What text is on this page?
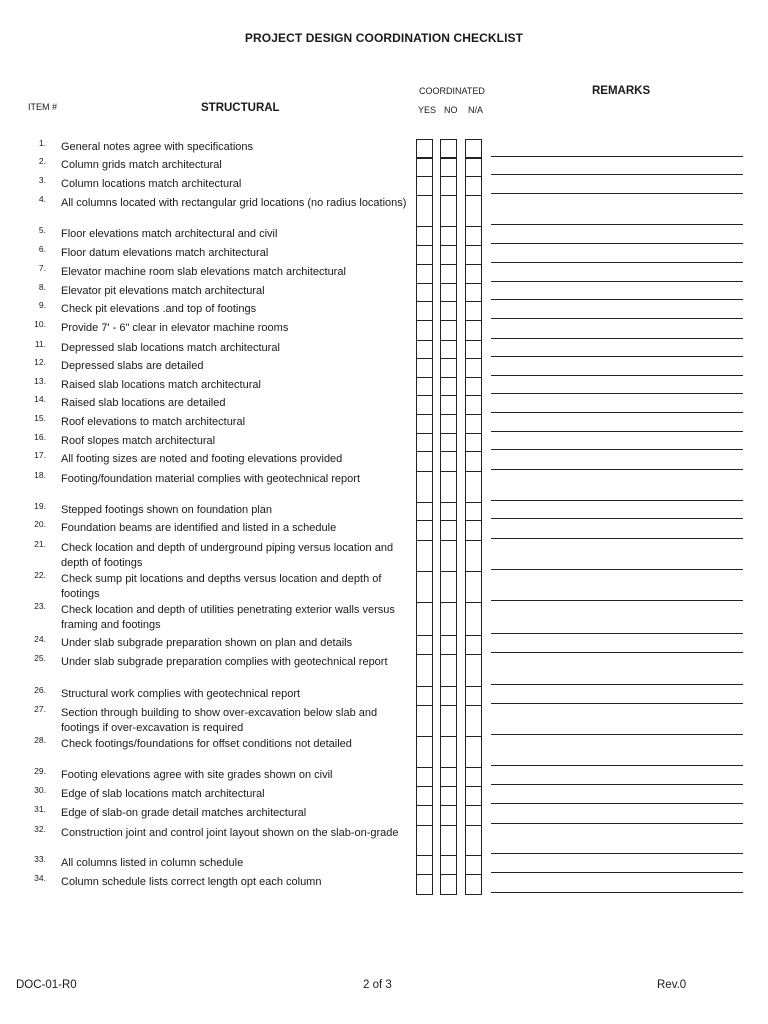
PROJECT DESIGN COORDINATION CHECKLIST
COORDINATED	REMARKS
ITEM #	STRUCTURAL	YES NO N/A
1. General notes agree with specifications
2. Column grids match architectural
3. Column locations match architectural
4. All columns located with rectangular grid locations (no radius locations)
5. Floor elevations match architectural and civil
6. Floor datum elevations match architectural
7. Elevator machine room slab elevations match architectural
8. Elevator pit elevations match architectural
9. Check pit elevations .and top of footings
10. Provide 7' - 6" clear in elevator machine rooms
11. Depressed slab locations match architectural
12. Depressed slabs are detailed
13. Raised slab locations match architectural
14. Raised slab locations are detailed
15. Roof elevations to match architectural
16. Roof slopes match architectural
17. All footing sizes are noted and footing elevations provided
18. Footing/foundation material complies with geotechnical report
19. Stepped footings shown on foundation plan
20. Foundation beams are identified and listed in a schedule
21. Check location and depth of underground piping versus location and depth of footings
22. Check sump pit locations and depths versus location and depth of footings
23. Check location and depth of utilities penetrating exterior walls versus framing and footings
24. Under slab subgrade preparation shown on plan and details
25. Under slab subgrade preparation complies with geotechnical report
26. Structural work complies with geotechnical report
27. Section through building to show over-excavation below slab and footings if over-excavation is required
28. Check footings/foundations for offset conditions not detailed
29. Footing elevations agree with site grades shown on civil
30. Edge of slab locations match architectural
31. Edge of slab-on grade detail matches architectural
32. Construction joint and control joint layout shown on the slab-on-grade
33. All columns listed in column schedule
34. Column schedule lists correct length opt each column
DOC-01-R0	2 of 3	Rev.0
